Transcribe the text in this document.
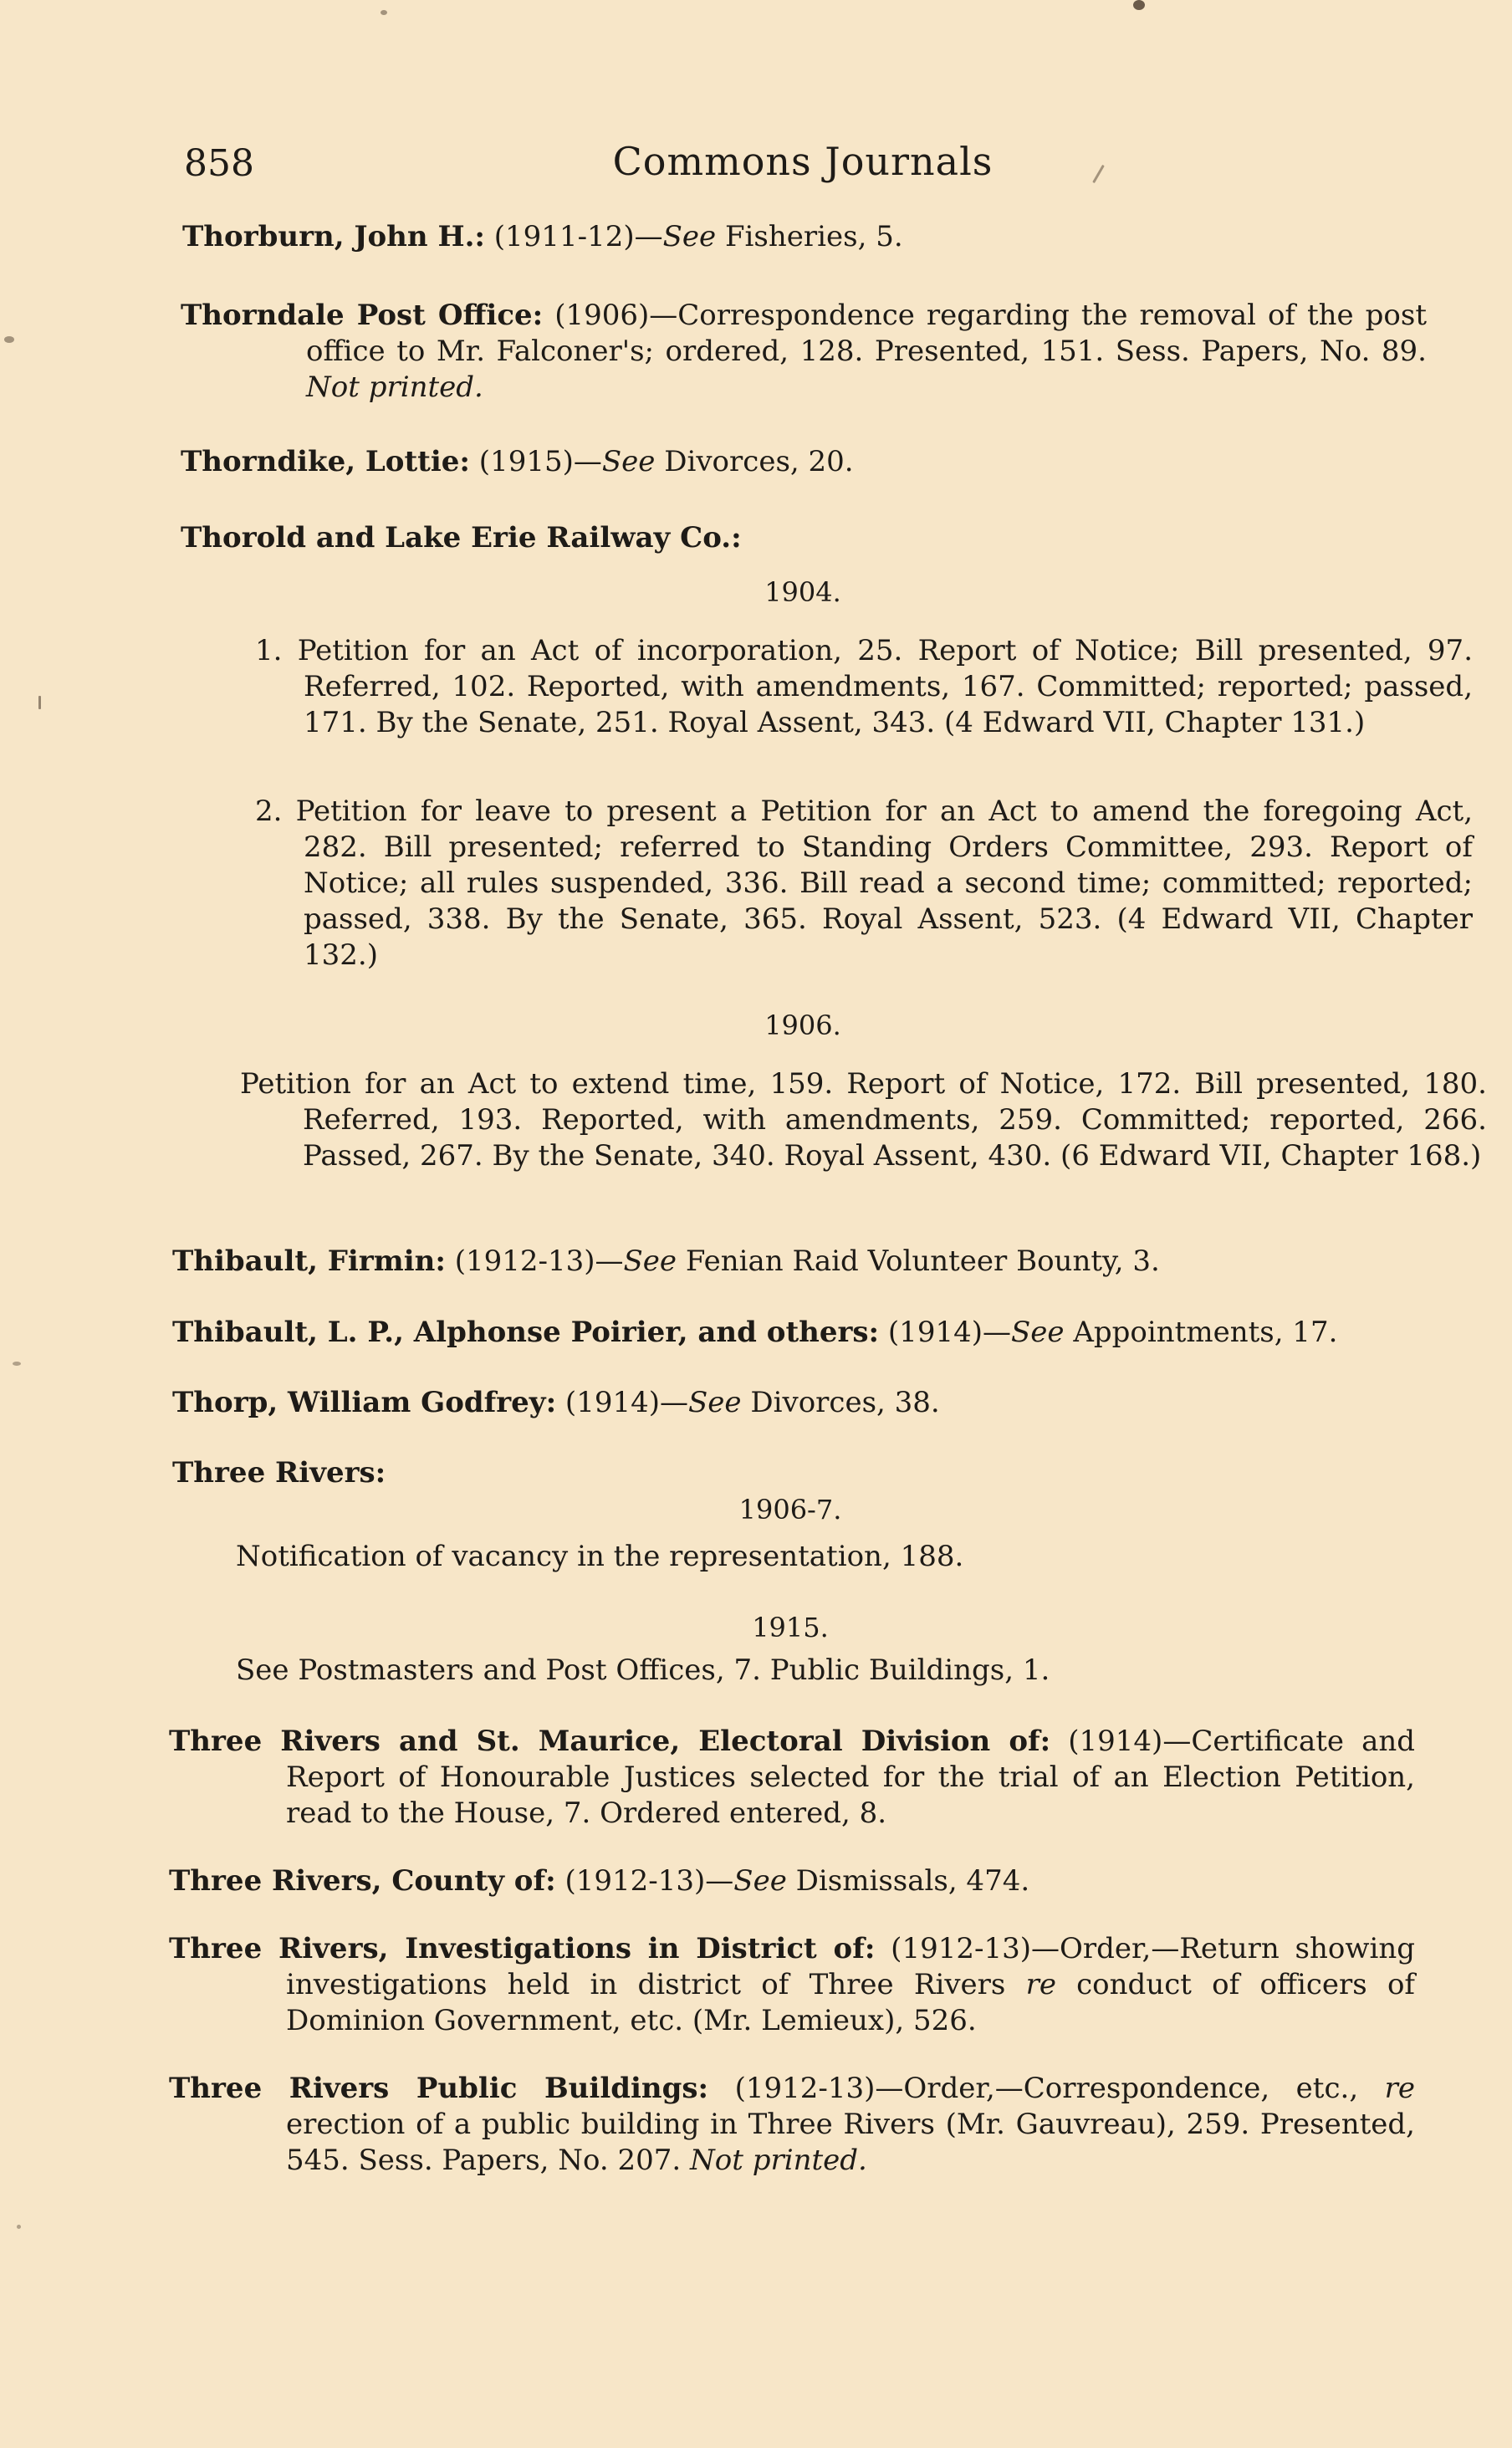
858	Commons Journals
Thorburn, John H.: (1911-12)—See Fisheries, 5.
Thorndale Post Office: (1906)—Correspondence regarding the removal of the post office to Mr. Falconer's; ordered, 128. Presented, 151. Sess. Papers, No. 89. Not printed.
Thorndike, Lottie: (1915)—See Divorces, 20.
Thorold and Lake Erie Railway Co.:
1904.
1. Petition for an Act of incorporation, 25. Report of Notice; Bill presented, 97. Referred, 102. Reported, with amendments, 167. Committed; reported; passed, 171. By the Senate, 251. Royal Assent, 343. (4 Edward VII, Chapter 131.)
2. Petition for leave to present a Petition for an Act to amend the foregoing Act, 282. Bill presented; referred to Standing Orders Committee, 293. Report of Notice; all rules suspended, 336. Bill read a second time; committed; reported; passed, 338. By the Senate, 365. Royal Assent, 523. (4 Edward VII, Chapter 132.)
1906.
Petition for an Act to extend time, 159. Report of Notice, 172. Bill presented, 180. Referred, 193. Reported, with amendments, 259. Committed; reported, 266. Passed, 267. By the Senate, 340. Royal Assent, 430. (6 Edward VII, Chapter 168.)
Thibault, Firmin: (1912-13)—See Fenian Raid Volunteer Bounty, 3.
Thibault, L. P., Alphonse Poirier, and others: (1914)—See Appointments, 17.
Thorp, William Godfrey: (1914)—See Divorces, 38.
Three Rivers:
1906-7.
Notification of vacancy in the representation, 188.
1915.
See Postmasters and Post Offices, 7. Public Buildings, 1.
Three Rivers and St. Maurice, Electoral Division of: (1914)—Certificate and Report of Honourable Justices selected for the trial of an Election Petition, read to the House, 7. Ordered entered, 8.
Three Rivers, County of: (1912-13)—See Dismissals, 474.
Three Rivers, Investigations in District of: (1912-13)—Order,—Return showing investigations held in district of Three Rivers re conduct of officers of Dominion Government, etc. (Mr. Lemieux), 526.
Three Rivers Public Buildings: (1912-13)—Order,—Correspondence, etc., re erection of a public building in Three Rivers (Mr. Gauvreau), 259. Presented, 545. Sess. Papers, No. 207. Not printed.
